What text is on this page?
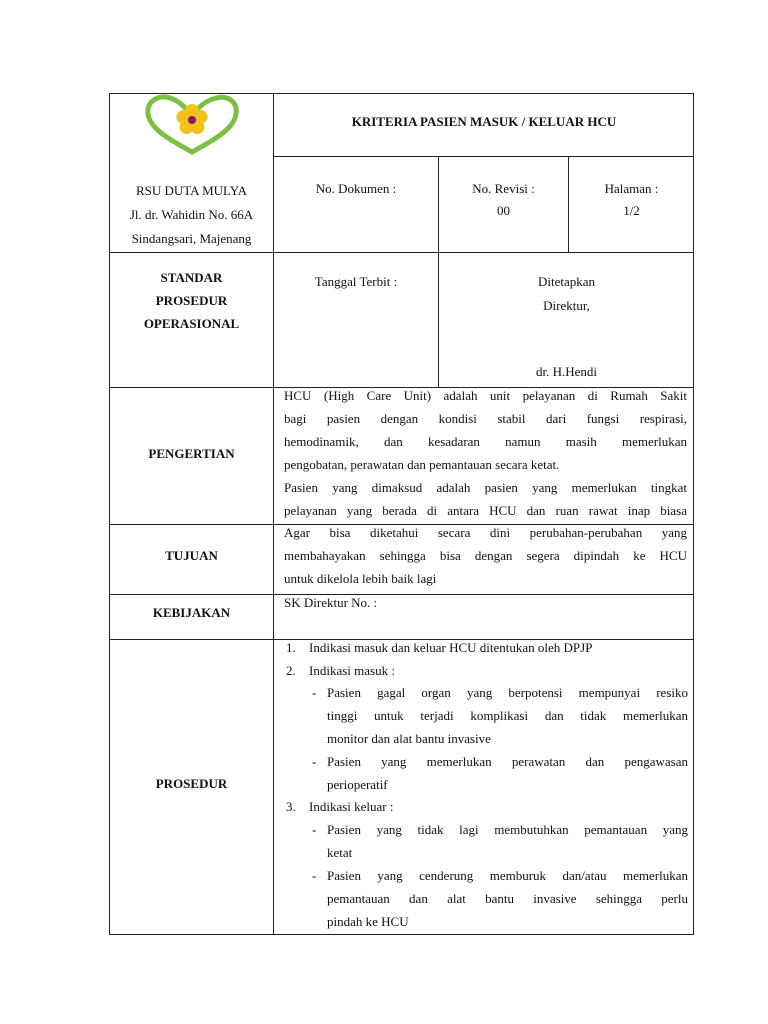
KRITERIA PASIEN MASUK / KELUAR HCU
RSU DUTA MULYA
Jl. dr. Wahidin No. 66A
Sindangsari, Majenang
No. Dokumen :	No. Revisi :
00
Halaman :
1/2
STANDAR
PROSEDUR
OPERASIONAL
Tanggal Terbit :	Ditetapkan
Direktur,
dr. H.Hendi
PENGERTIAN
HCU (High Care Unit) adalah unit pelayanan di Rumah Sakit
bagi pasien dengan kondisi stabil dari fungsi respirasi,
hemodinamik, dan kesadaran namun masih memerlukan
pengobatan, perawatan dan pemantauan secara ketat.
Pasien yang dimaksud adalah pasien yang memerlukan tingkat
pelayanan yang berada di antara HCU dan ruan rawat inap biasa
TUJUAN
Agar bisa diketahui secara dini perubahan-perubahan yang
membahayakan sehingga bisa dengan segera dipindah ke HCU
untuk dikelola lebih baik lagi
KEBIJAKAN
SK Direktur No. :
PROSEDUR
1. Indikasi masuk dan keluar HCU ditentukan oleh DPJP
2. Indikasi masuk :
- Pasien gagal organ yang berpotensi mempunyai resiko
tinggi untuk terjadi komplikasi dan tidak memerlukan
monitor dan alat bantu invasive
- Pasien yang memerlukan perawatan dan pengawasan
perioperatif
3. Indikasi keluar :
- Pasien yang tidak lagi membutuhkan pemantauan yang
ketat
- Pasien yang cenderung memburuk dan/atau memerlukan
pemantauan dan alat bantu invasive sehingga perlu
pindah ke HCU
